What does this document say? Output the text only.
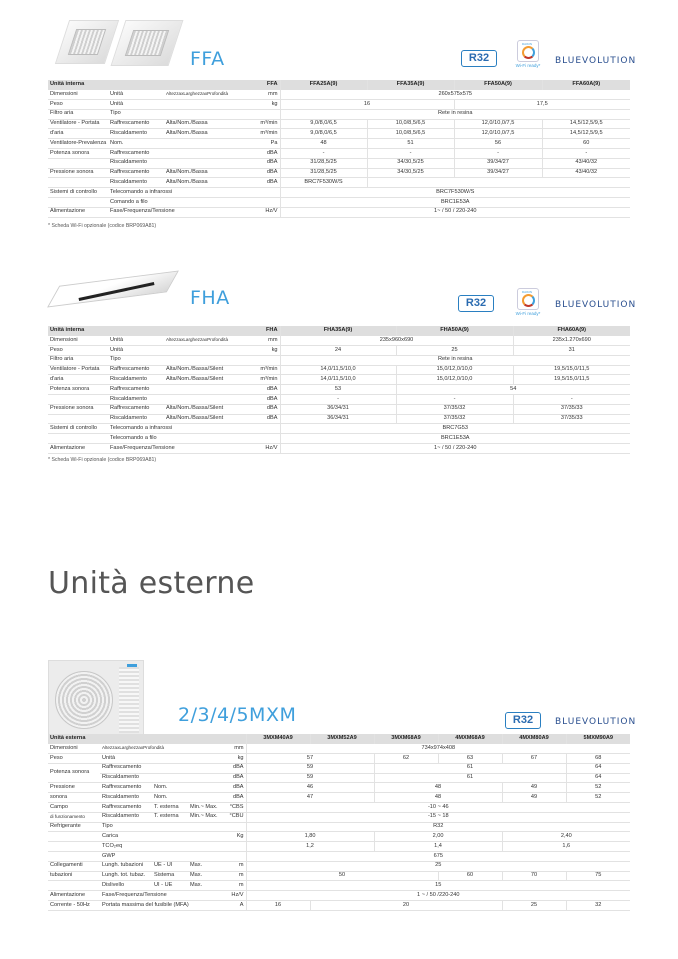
FFA	R32
DAIKIN
Wi-Fi ready* BLUEVOLUTION
Unità interna			FFA	FFA25A(9)	FFA35A(9)	FFA50A(9)	FFA60A(9)
Dimensioni	Unità	AltezzaxLarghezzaxProfondità	mm	260x575x575			
Peso	Unità		kg	16		17,5	
Filtro aria	Tipo			Rete in resina			
Ventilatore - Portata	Raffrescamento	Alta/Nom./Bassa	m³/min	9,0/8,0/6,5	10,0/8,5/6,5	12,0/10,0/7,5	14,5/12,5/9,5
d'aria	Riscaldamento	Alta/Nom./Bassa	m³/min	9,0/8,0/6,5	10,0/8,5/6,5	12,0/10,0/7,5	14,5/12,5/9,5
Ventilatore-Prevalenza	Nom.		Pa	48	51	56	60
Potenza sonora	Raffrescamento		dBA	-	-	-	-
	Riscaldamento		dBA	31/28,5/25	34/30,5/25	39/34/27	43/40/32
Pressione sonora	Raffrescamento	Alta/Nom./Bassa	dBA	31/28,5/25	34/30,5/25	39/34/27	43/40/32
	Riscaldamento	Alta/Nom./Bassa	dBA	BRC7F530W/S			
Sistemi di controllo	Telecomando a infrarossi			BRC7F530W/S			
	Comando a filo			BRC1E53A			
Alimentazione	Fase/Frequenza/Tensione		Hz/V	1~ / 50 / 220-240			
* Scheda Wi-Fi opzionale (codice BRP069A81)
FHA	R32
DAIKIN
Wi-Fi ready*
BLUEVOLUTION
Unità interna			FHA	FHA35A(9)	FHA50A(9)	FHA60A(9)
Dimensioni	Unità	AltezzaxLarghezzaxProfondità	mm	235x960x690		235x1.270x690
Peso	Unità		kg	24	25	31
Filtro aria	Tipo			Rete in resina		
Ventilatore - Portata	Raffrescamento	Alta/Nom./Bassa/Silent	m³/min	14,0/11,5/10,0	15,0/12,0/10,0	19,5/15,0/11,5
d'aria	Riscaldamento	Alta/Nom./Bassa/Silent	m³/min	14,0/11,5/10,0	15,0/12,0/10,0	19,5/15,0/11,5
Potenza sonora	Raffrescamento		dBA	53	54	
	Riscaldamento		dBA	-	-	-
Pressione sonora	Raffrescamento	Alta/Nom./Bassa/Silent	dBA	36/34/31	37/35/32	37/35/33
	Riscaldamento	Alta/Nom./Bassa/Silent	dBA	36/34/31	37/35/32	37/35/33
Sistemi di controllo	Telecomando a infrarossi			BRC7G53		
	Telecomando a filo			BRC1E53A		
Alimentazione	Fase/Frequenza/Tensione		Hz/V	1~ / 50 / 220-240		
* Scheda Wi-Fi opzionale (codice BRP069A81)
Unità esterne
2/3/4/5MXM	R32	BLUEVOLUTION
Unità esterna					3MXM40A9	3MXM52A9	3MXM68A9	4MXM68A9	4MXM80A9	5MXM90A9
Dimensioni	AltezzaxLarghezzaxProfondità			mm	734x974x408					
Peso	Unità			kg	57		62	63	67	68
Potenza sonora	Raffrescamento			dBA	59		61			64
	Riscaldamento			dBA	59		61			64
Pressione	Raffrescamento	Nom.		dBA	46		48		49	52
sonora	Riscaldamento	Nom.		dBA	47		48		49	52
Campo	Raffrescamento	T. esterna	Min.~ Max.	°CBS	-10 ~ 46					
di funzionamento	Riscaldamento	T. esterna	Min.~ Max.	°CBU	-15 ~ 18					
Refrigerante	Tipo				R32					
	Carica			Kg	1,80		2,00		2,40	
	TCO₂eq				1,2		1,4		1,6	
	GWP				675					
Collegamenti	Lungh. tubazioni	UE - UI	Max.	m	25					
tubazioni	Lungh. tot. tubaz.	Sistema	Max.	m	50			60	70	75
	Dislivello	UI - UE	Max.	m	15					
Alimentazione	Fase/Frequenza/Tensione			Hz/V	1 ~ / 50 /220-240					
Corrente - 50Hz	Portata massima del fusibile (MFA)			A	16	20			25	32
